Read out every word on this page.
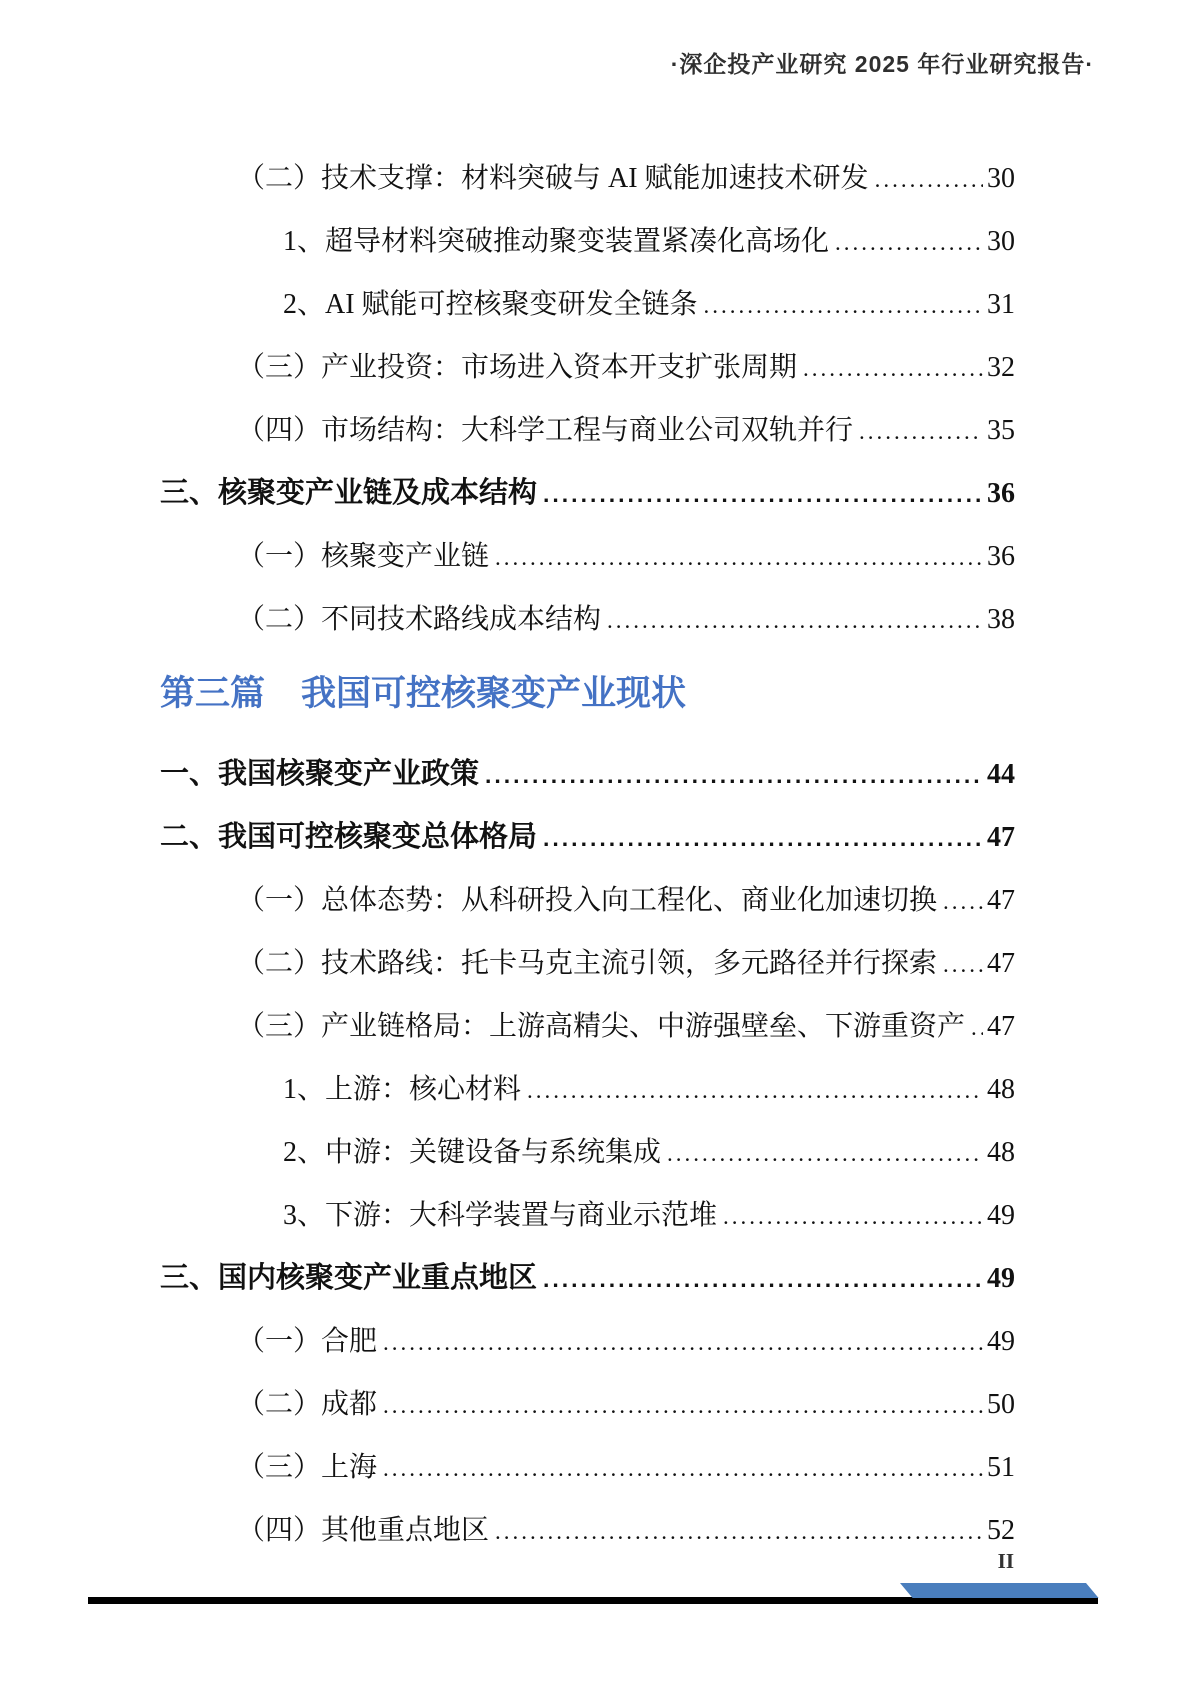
·深企投产业研究 2025 年行业研究报告·
（二）技术支撑：材料突破与 AI 赋能加速技术研发 .....	30
1、超导材料突破推动聚变装置紧凑化高场化 .....	30
2、AI 赋能可控核聚变研发全链条 .....	31
（三）产业投资：市场进入资本开支扩张周期 .....	32
（四）市场结构：大科学工程与商业公司双轨并行 .....	35
三、核聚变产业链及成本结构 .....	36
（一）核聚变产业链 .....	36
（二）不同技术路线成本结构 .....	38
第三篇 我国可控核聚变产业现状
一、我国核聚变产业政策 .....	44
二、我国可控核聚变总体格局 .....	47
（一）总体态势：从科研投入向工程化、商业化加速切换 ..... 47
（二）技术路线：托卡马克主流引领，多元路径并行探索 ..... 47
（三）产业链格局：上游高精尖、中游强壁垒、下游重资产 ..... 47
1、上游：核心材料 .....	48
2、中游：关键设备与系统集成 .....	48
3、下游：大科学装置与商业示范堆 .....	49
三、国内核聚变产业重点地区 .....	49
（一）合肥 .....	49
（二）成都 .....	50
（三）上海 .....	51
（四）其他重点地区 .....	52
II
